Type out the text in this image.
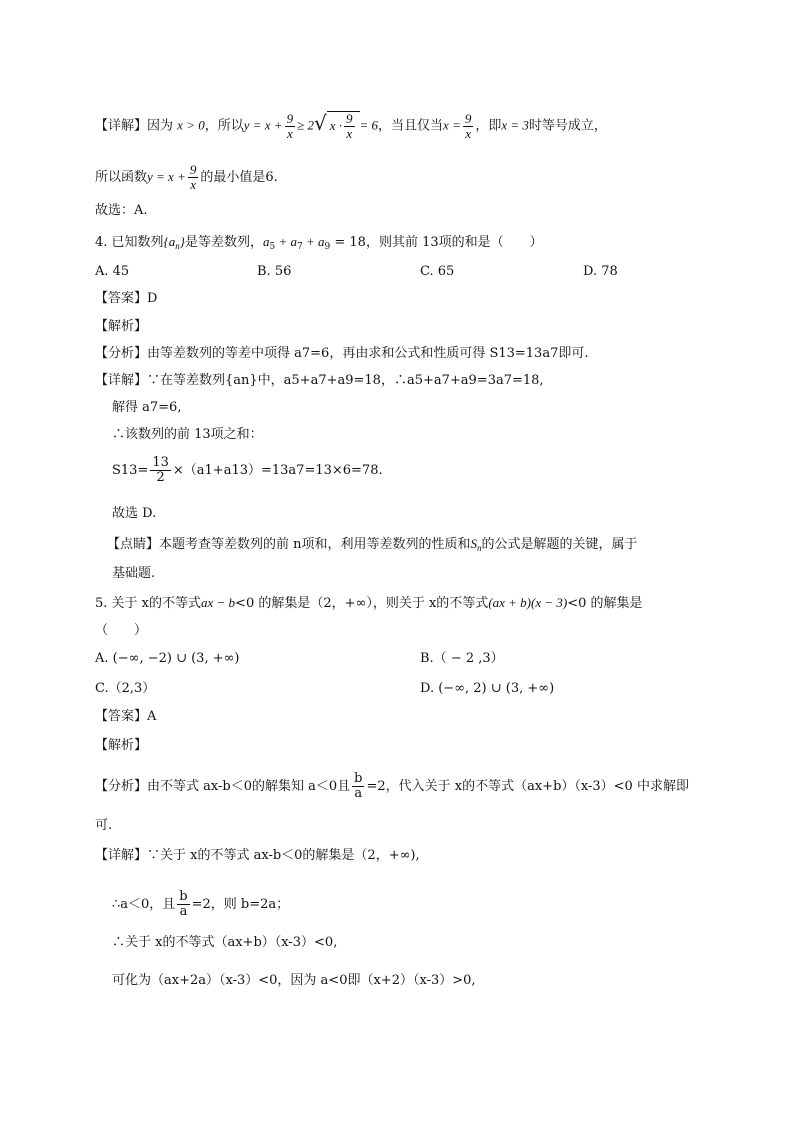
【详解】因为 x > 0，所以$y = x + \frac{9}{x} \ge 2√$ $x \cdot \frac{9}{x} = 6$，当且仅当$x = \frac{9}{x}$ ，即x = 3时等号成立，
所以函数$y = x + \frac{9}{x}$ 的最小值是6.
故选：A.
4. 已知数列$\{a_n\}$是等差数列，$a_5 + a_7 + a_9 = 18$，则其前 13项的和是（　　）
A. 45	B. 56	C. 65	D. 78
【答案】D
【解析】
【分析】由等差数列的等差中项得 a7=6，再由求和公式和性质可得 S13=13a7即可.
【详解】∵在等差数列{an}中，a5+a7+a9=18，∴a5+a7+a9=3a7=18,
解得 a7=6,
∴该数列的前 13项之和：
$S13= \frac{13}{2} \times(a1+a13)=13a7=13\times 6=78$.
故选 D.
【点睛】本题考查等差数列的前 n项和，利用等差数列的性质和$S_n$的公式是解题的关键，属于
基础题.
5. 关于 x的不等式ax − b<0 的解集是（2，+∞），则关于 x的不等式(ax + b)(x − 3)<0 的解集是
（　　）
A. (−∞, −2) ∪ (3, +∞)	B.（ − 2 ,3）
C.（2,3）	D. (−∞, 2) ∪ (3, +∞)
【答案】A
【解析】
【分析】由不等式 ax-b＜0的解集知 a＜0且 $\frac{b}{a} =2$，代入关于 x的不等式（ax+b）（x-3）<0 中求解即
可.
【详解】∵关于 x的不等式 ax-b＜0的解集是（2，+∞),
∴a＜0，且 $\frac{b}{a} =2$，则 b=2a；
∴关于 x的不等式（ax+b）（x-3）<0,
可化为（ax+2a）（x-3）<0，因为 a<0即（x+2）（x-3）>0,
